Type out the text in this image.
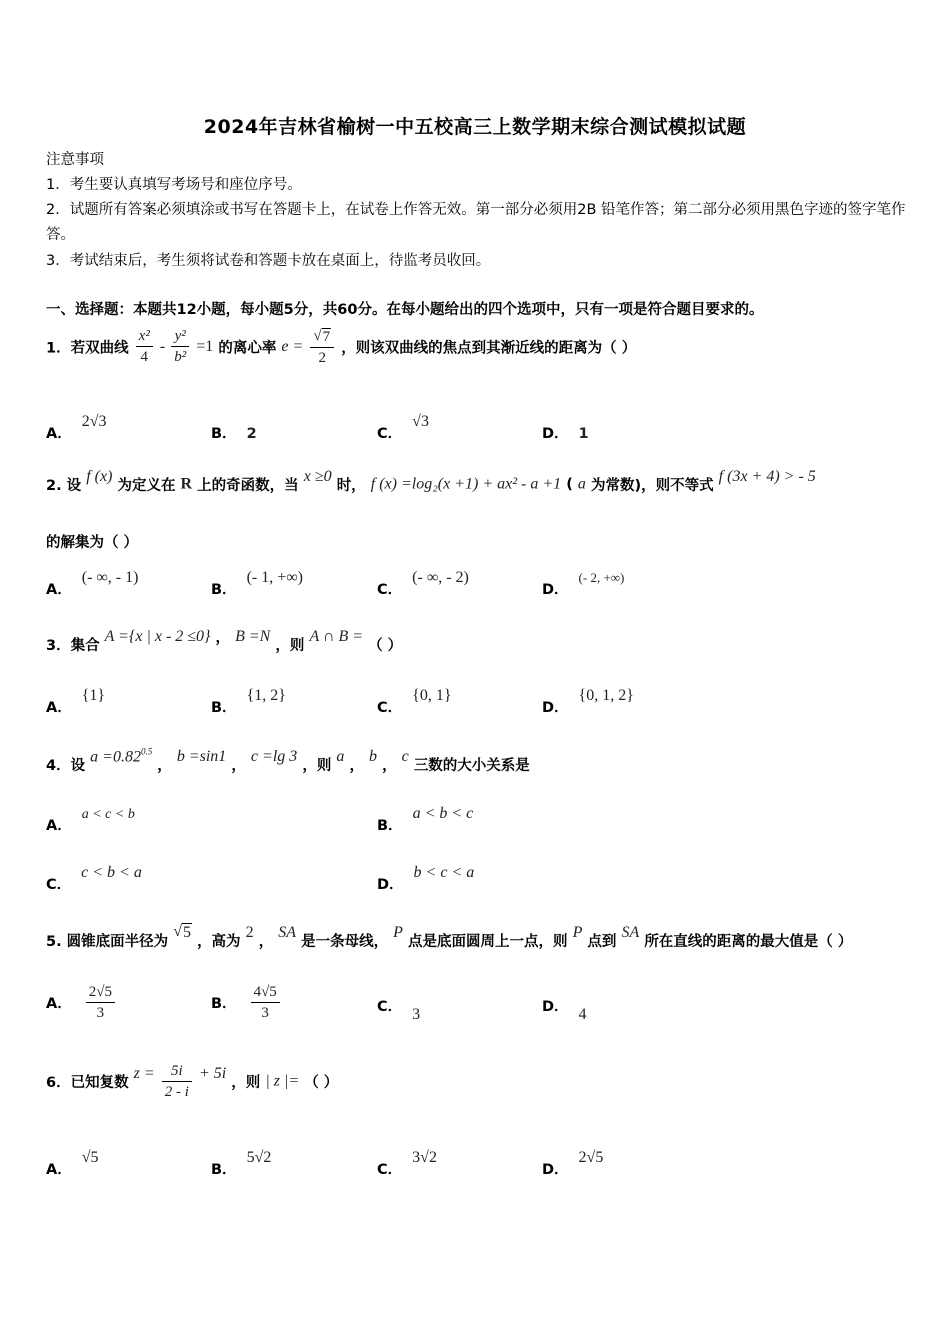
2024年吉林省榆树一中五校高三上数学期末综合测试模拟试题
注意事项
1．考生要认真填写考场号和座位序号。
2．试题所有答案必须填涂或书写在答题卡上，在试卷上作答无效。第一部分必须用2B 铅笔作答；第二部分必须用黑色字迹的签字笔作答。
3．考试结束后，考生须将试卷和答题卡放在桌面上，待监考员收回。
一、选择题：本题共12小题，每小题5分，共60分。在每小题给出的四个选项中，只有一项是符合题目要求的。
1．若双曲线 $\frac{\text{x²}}{4} - \frac{\text{y²}}{\text{b²}} =1$ 的离心率 $e = \frac{√7}{2}$ ，则该双曲线的焦点到其渐近线的距离为（ ）
A．2√3
B． 2	C．√3
D． 1
2. 设 f (x) 为定义在 R 上的奇函数，当 x ≥0 时， f (x) =log₂(x +1) + ax² - a +1 ( a 为常数)，则不等式 f (3x + 4) > - 5
的解集为（ ）
A．(- ∞, - 1)
B．(- 1, +∞)
C．(- ∞, - 2)
D．(- 2, +∞)
3．集合 A ={x | x - 2 ≤0} ， B =N ，则 A ∩ B = （ ）
A．{1}
B．{1, 2}
C．{0, 1}
D．{0, 1, 2}
4．设 $a =0.82^{0.5}$ ， b =sin1 ， c =lg 3 ，则 a ， b ， c 三数的大小关系是
A．a < c < b
B．a < b < c
C．c < b < a
D．b < c < a
5. 圆锥底面半径为 √5 ，高为 2 ， SA 是一条母线， P 点是底面圆周上一点，则 P 点到 SA 所在直线的距离的最大值是（ ）
A． $\frac{2√5}{3}$	B． $\frac{4√5}{3}$	C． 3	D． 4
6．已知复数 $z = \frac{5i}{2 - i} + 5i$ ，则 | z |= （ ）
A．√5
B．5√2
C．3√2
D．2√5
